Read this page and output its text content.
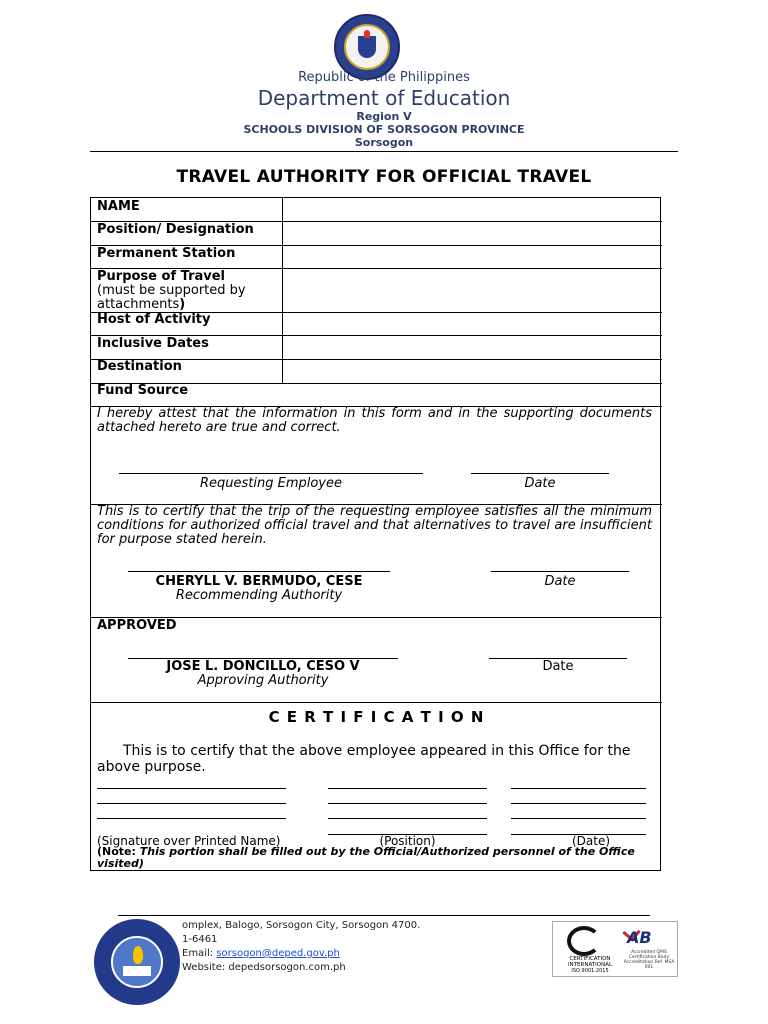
Republic of the Philippines
Department of Education
Region V
SCHOOLS DIVISION OF SORSOGON PROVINCE
Sorsogon
TRAVEL AUTHORITY FOR OFFICIAL TRAVEL
NAME
Position/ Designation
Permanent Station
Purpose of Travel
(must be supported by
attachments)
Host of Activity
Inclusive Dates
Destination
Fund Source
I hereby attest that the information in this form and in the supporting documents attached hereto are true and correct.
Requesting Employee	Date
This is to certify that the trip of the requesting employee satisfies all the minimum conditions for authorized official travel and that alternatives to travel are insufficient for purpose stated herein.
CHERYLL V. BERMUDO, CESE	Date
Recommending Authority
APPROVED
JOSE L. DONCILLO, CESO V	Date
Approving Authority
C E R T I F I C A T I O N
This is to certify that the above employee appeared in this Office for the above purpose.
(Signature over Printed Name)	(Position)	(Date)
(Note: This portion shall be filled out by the Official/Authorized personnel of the Office visited)
omplex, Balogo, Sorsogon City, Sorsogon 4700.
1-6461
Email: sorsogon@deped.gov.ph
Website: depedsorsogon.com.ph
CERTIFICATION INTERNATIONAL
ISO 9001:2015
AB
Accredited QMS Certification Body Accreditation Ref. MSA 001
